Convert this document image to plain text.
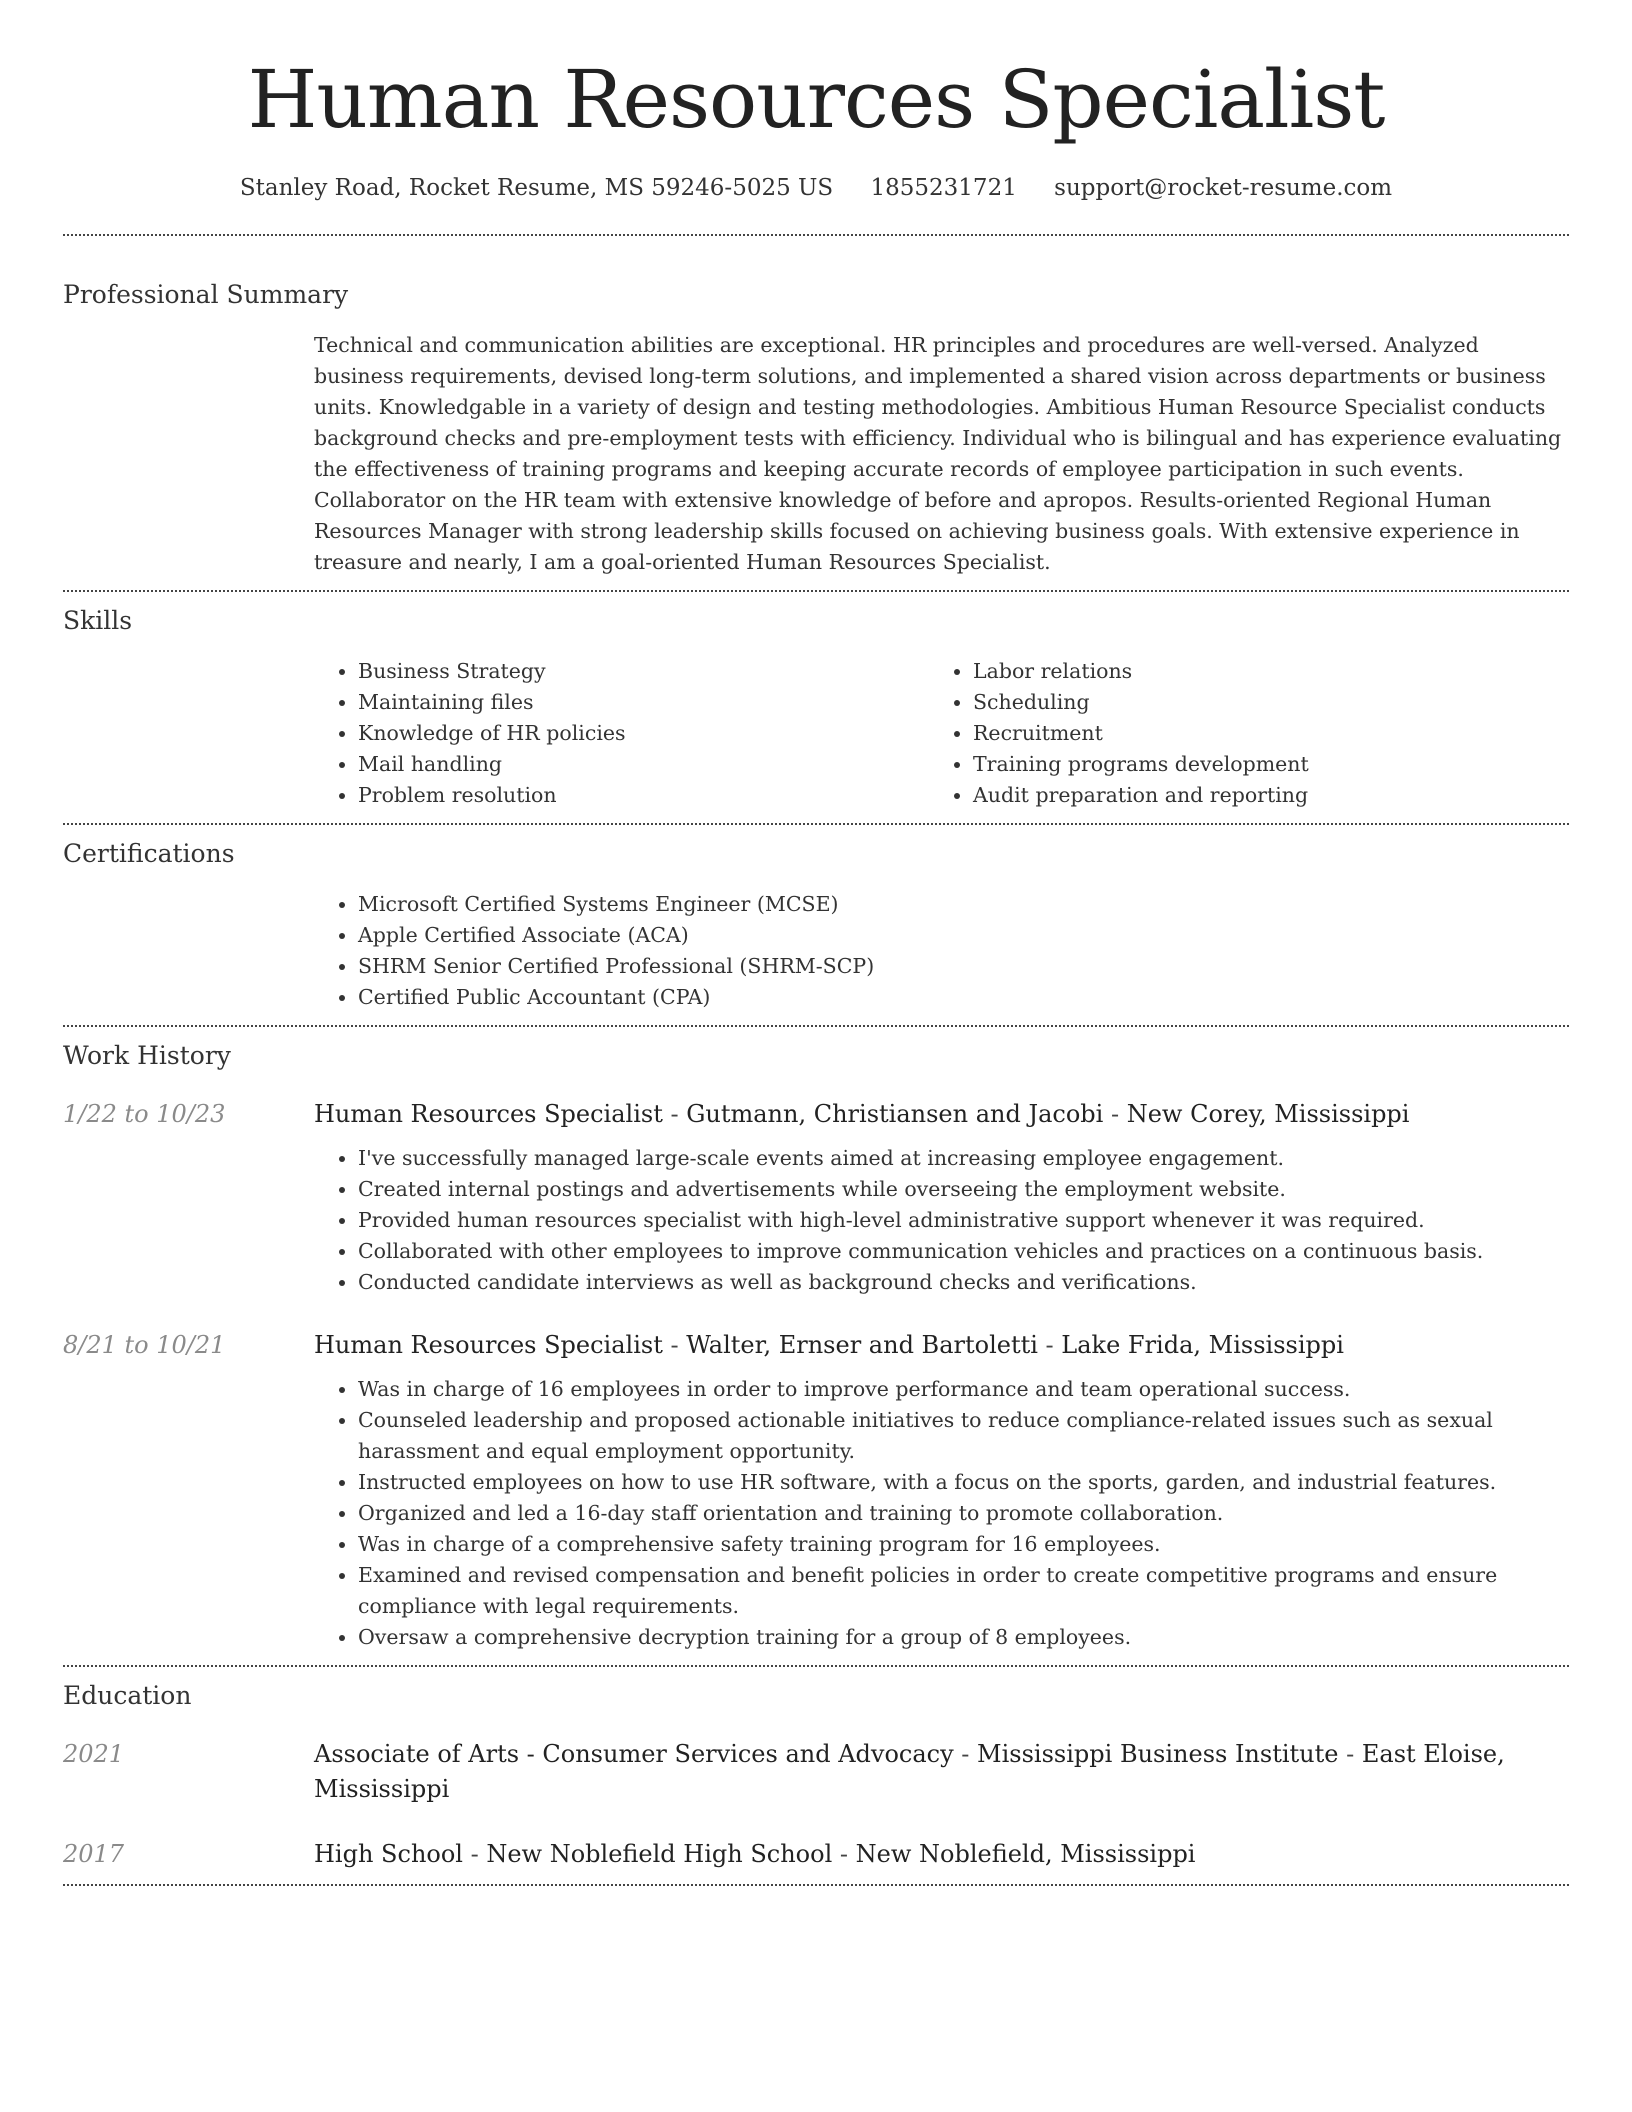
Human Resources Specialist
Stanley Road, Rocket Resume, MS 59246-5025 US 1855231721 support@rocket-resume.com
Professional Summary
Technical and communication abilities are exceptional. HR principles and procedures are well-versed. Analyzed business requirements, devised long-term solutions, and implemented a shared vision across departments or business units. Knowledgable in a variety of design and testing methodologies. Ambitious Human Resource Specialist conducts background checks and pre-employment tests with efficiency. Individual who is bilingual and has experience evaluating the effectiveness of training programs and keeping accurate records of employee participation in such events. Collaborator on the HR team with extensive knowledge of before and apropos. Results-oriented Regional Human Resources Manager with strong leadership skills focused on achieving business goals. With extensive experience in treasure and nearly, I am a goal-oriented Human Resources Specialist.
Skills
• Business Strategy
• Maintaining files
• Knowledge of HR policies
• Mail handling
• Problem resolution
• Labor relations
• Scheduling
• Recruitment
• Training programs development
• Audit preparation and reporting
Certifications
• Microsoft Certified Systems Engineer (MCSE)
• Apple Certified Associate (ACA)
• SHRM Senior Certified Professional (SHRM-SCP)
• Certified Public Accountant (CPA)
Work History
1/22 to 10/23	Human Resources Specialist - Gutmann, Christiansen and Jacobi - New Corey, Mississippi
• I've successfully managed large-scale events aimed at increasing employee engagement.
• Created internal postings and advertisements while overseeing the employment website.
• Provided human resources specialist with high-level administrative support whenever it was required.
• Collaborated with other employees to improve communication vehicles and practices on a continuous basis.
• Conducted candidate interviews as well as background checks and verifications.
8/21 to 10/21	Human Resources Specialist - Walter, Ernser and Bartoletti - Lake Frida, Mississippi
• Was in charge of 16 employees in order to improve performance and team operational success.
• Counseled leadership and proposed actionable initiatives to reduce compliance-related issues such as sexual harassment and equal employment opportunity.
• Instructed employees on how to use HR software, with a focus on the sports, garden, and industrial features.
• Organized and led a 16-day staff orientation and training to promote collaboration.
• Was in charge of a comprehensive safety training program for 16 employees.
• Examined and revised compensation and benefit policies in order to create competitive programs and ensure compliance with legal requirements.
• Oversaw a comprehensive decryption training for a group of 8 employees.
Education
2021	Associate of Arts - Consumer Services and Advocacy - Mississippi Business Institute - East Eloise, Mississippi
2017	High School - New Noblefield High School - New Noblefield, Mississippi
